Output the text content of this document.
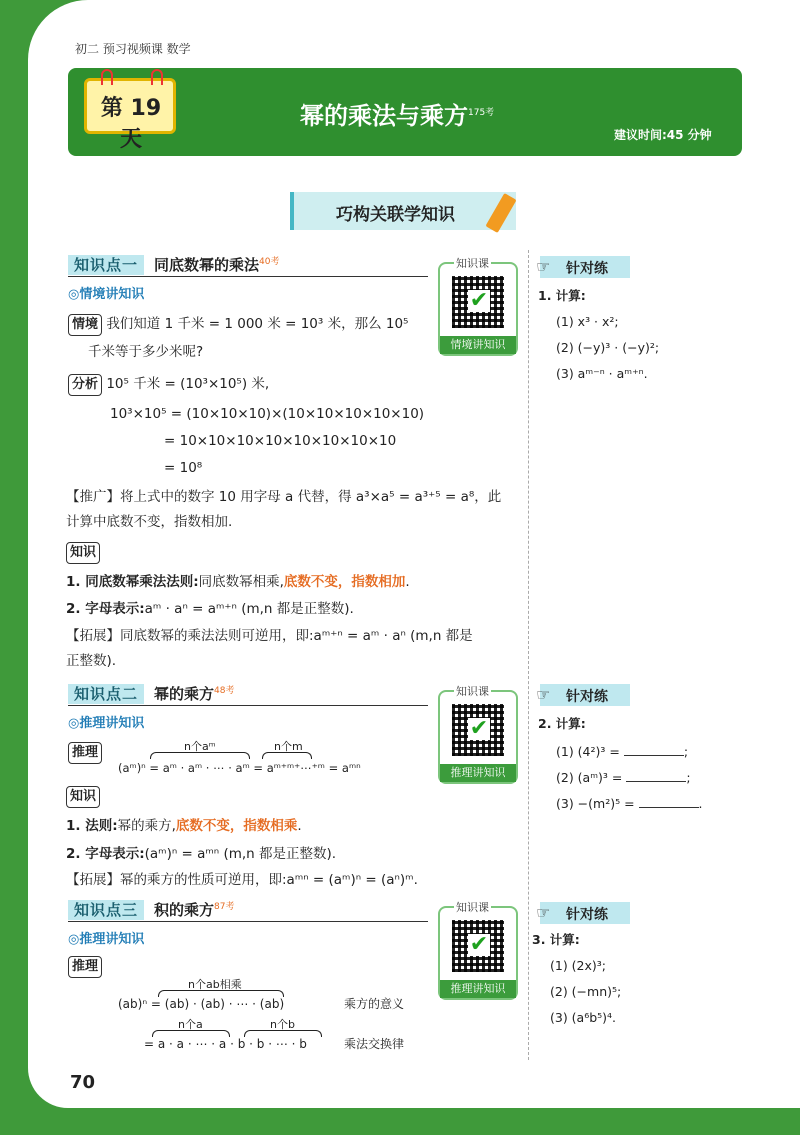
初二 预习视频课 数学
第 19 天
幂的乘法与乘方$^{175考}$
建议时间:45 分钟
巧构关联学知识
知识点一 同底数幂的乘法$^{40考}$
◎情境讲知识
知识课
✔
情境讲知识
情境 我们知道 1 千米 = 1 000 米 = 10³ 米，那么 10⁵
千米等于多少米呢?
分析 10⁵ 千米 = (10³×10⁵) 米,
10³×10⁵ = (10×10×10)×(10×10×10×10×10)
= 10×10×10×10×10×10×10×10
= 10⁸
【推广】将上式中的数字 10 用字母 a 代替，得 a³×a⁵ = a³⁺⁵ = a⁸，此
计算中底数不变，指数相加.
知识
1. 同底数幂乘法法则:同底数幂相乘,底数不变，指数相加.
2. 字母表示:aᵐ · aⁿ = aᵐ⁺ⁿ (m,n 都是正整数).
【拓展】同底数幂的乘法法则可逆用，即:aᵐ⁺ⁿ = aᵐ · aⁿ (m,n 都是
正整数).
知识点二 幂的乘方$^{48考}$
◎推理讲知识
知识课
✔
推理讲知识
推理	n个aᵐ	n个m
(aᵐ)ⁿ = aᵐ · aᵐ · ⋯ · aᵐ = aᵐ⁺ᵐ⁺⋯⁺ᵐ = aᵐⁿ
知识
1. 法则:幂的乘方,底数不变，指数相乘.
2. 字母表示:(aᵐ)ⁿ = aᵐⁿ (m,n 都是正整数).
【拓展】幂的乘方的性质可逆用，即:aᵐⁿ = (aᵐ)ⁿ = (aⁿ)ᵐ.
知识点三 积的乘方$^{87考}$
◎推理讲知识
知识课
✔
推理讲知识
推理
n个ab相乘
(ab)ⁿ = (ab) · (ab) · ⋯ · (ab)	乘方的意义
n个a	n个b
= a · a · ⋯ · a · b · b · ⋯ · b	乘法交换律
☞ 针对练
1. 计算:
(1) x³ · x²;
(2) (−y)³ · (−y)²;
(3) aᵐ⁻ⁿ · aᵐ⁺ⁿ.
☞ 针对练
2. 计算:
(1) (4²)³ =	;
(2) (aᵐ)³ =	;
(3) −(m²)⁵ =	.
☞ 针对练
3. 计算:
(1) (2x)³;
(2) (−mn)⁵;
(3) (a⁶b⁵)⁴.
70
